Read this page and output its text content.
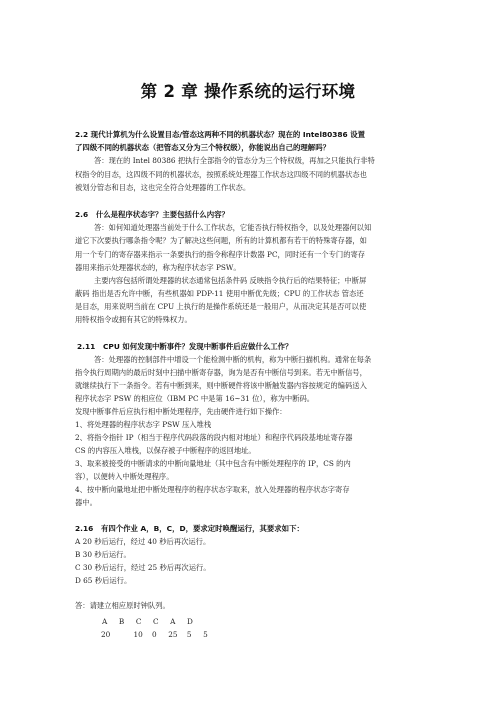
第 2 章 操作系统的运行环境
2.2 现代计算机为什么设置目态/管态这两种不同的机器状态？现在的 Intel80386 设置
了四级不同的机器状态（把管态又分为三个特权级），你能说出自己的理解吗？
答：现在的 Intel 80386 把执行全部指令的管态分为三个特权级，再加之只能执行非特
权指令的目态，这四级不同的机器状态，按照系统处理器工作状态这四级不同的机器状态也
被划分管态和目态，这也完全符合处理器的工作状态。
2.6 什么是程序状态字？主要包括什么内容？
答：如何知道处理器当前处于什么工作状态，它能否执行特权指令，以及处理器何以知
道它下次要执行哪条指令呢？为了解决这些问题，所有的计算机都有若干的特殊寄存器，如
用一个专门的寄存器来指示一条要执行的指令称程序计数器 PC，同时还有一个专门的寄存
器用来指示处理器状态的，称为程序状态字 PSW。
主要内容包括所谓处理器的状态通常包括条件码 反映指令执行后的结果特征；中断屏
蔽码 指出是否允许中断，有些机器如 PDP-11 使用中断优先级；CPU 的工作状态 管态还
是目态，用来说明当前在 CPU 上执行的是操作系统还是一般用户，从而决定其是否可以使
用特权指令或拥有其它的特殊权力。
2.11 CPU 如何发现中断事件？发现中断事件后应做什么工作？
答：处理器的控制部件中增设一个能检测中断的机构，称为中断扫描机构。通常在每条
指令执行周期内的最后时刻中扫描中断寄存器，询为是否有中断信号到来。若无中断信号，
就继续执行下一条指令。若有中断到来，则中断硬件将该中断触发器内容按规定的编码送入
程序状态字 PSW 的相应位（IBM PC 中是第 16~31 位），称为中断码。
发现中断事件后应执行相中断处理程序，先由硬件进行如下操作：
1、将处理器的程序状态字 PSW 压入堆栈
2、将指令指针 IP（相当于程序代码段落的段内相对地址）和程序代码段基地址寄存器
CS 的内容压入堆栈，以保存被子中断程序的返回地址。
3、取来被接受的中断请求的中断向量地址（其中包含有中断处理程序的 IP，CS 的内
容），以便转入中断处理程序。
4、按中断向量地址把中断处理程序的程序状态字取来，放入处理器的程序状态字寄存
器中。
2.16 有四个作业 A，B，C，D，要求定时唤醒运行，其要求如下：
A 20 秒后运行，经过 40 秒后再次运行。
B 30 秒后运行。
C 30 秒后运行，经过 25 秒后再次运行。
D 65 秒后运行。
答：请建立相应原时钟队列。
A     B     C     C     A     D
20          10    0     25    5     5
